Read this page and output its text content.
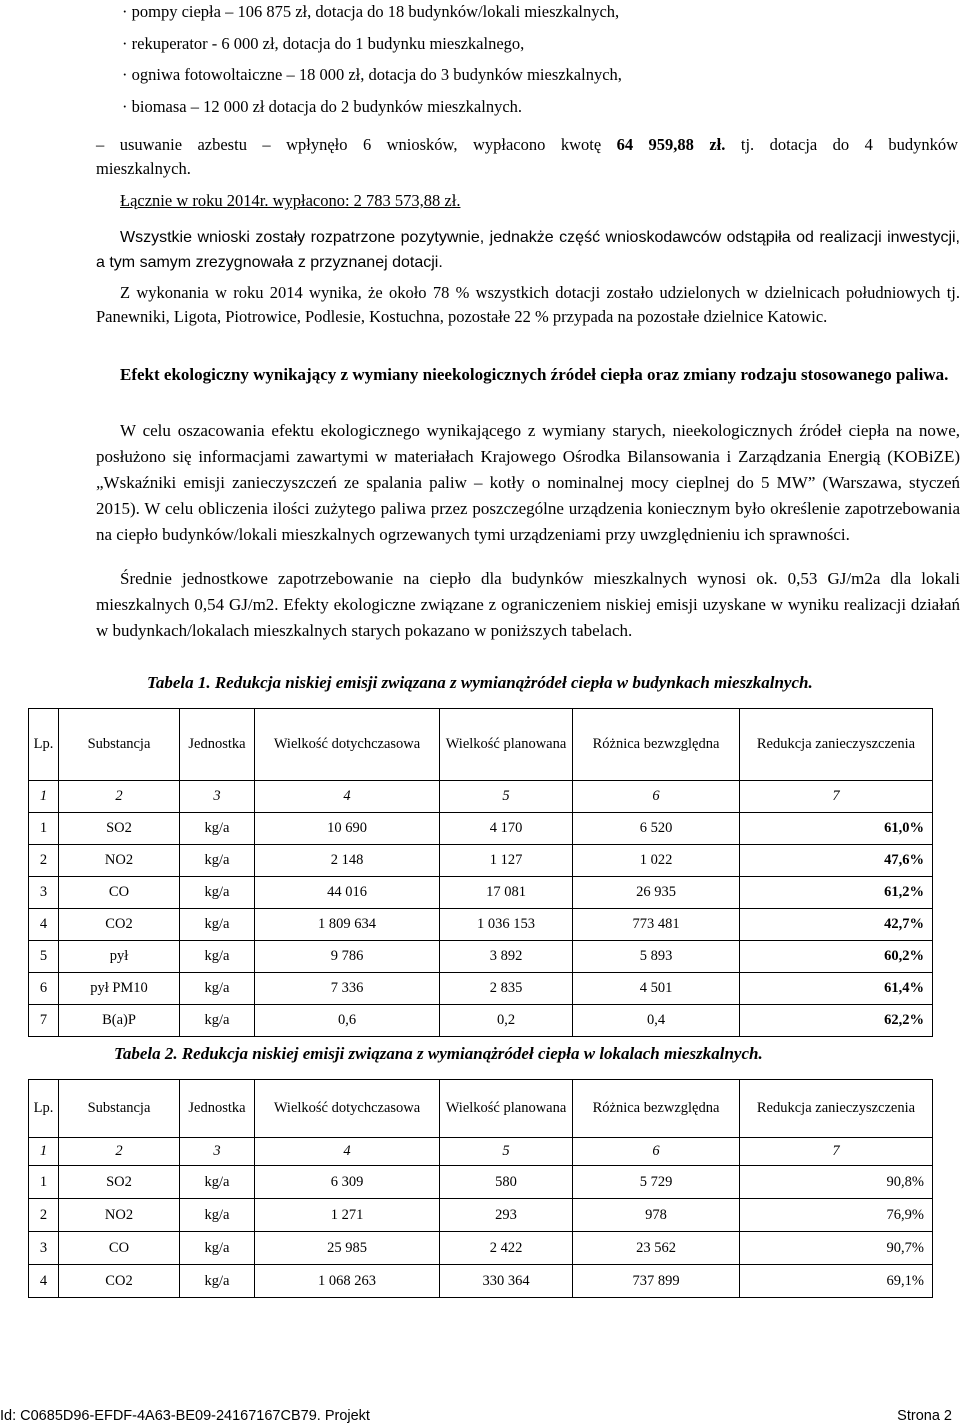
· pompy ciepła – 106 875 zł, dotacja do 18 budynków/lokali mieszkalnych,
· rekuperator - 6 000 zł, dotacja do 1 budynku mieszkalnego,
· ogniwa fotowoltaiczne – 18 000 zł, dotacja do 3 budynków mieszkalnych,
· biomasa – 12 000 zł dotacja do 2 budynków mieszkalnych.

– usuwanie azbestu – wpłynęło 6 wniosków, wypłacono kwotę 64 959,88 zł. tj. dotacja do 4 budynków

mieszkalnych.

Łącznie w roku 2014r. wypłacono: 2 783 573,88 zł.

Wszystkie wnioski zostały rozpatrzone pozytywnie, jednakże część wnioskodawców odstąpiła od realizacji inwestycji, a tym samym zrezygnowała z przyznanej dotacji.

Z wykonania w roku 2014 wynika, że około 78 % wszystkich dotacji zostało udzielonych w dzielnicach południowych tj. Panewniki, Ligota, Piotrowice, Podlesie, Kostuchna, pozostałe 22 % przypada na pozostałe dzielnice Katowic.

Efekt ekologiczny wynikający z wymiany nieekologicznych źródeł ciepła oraz zmiany rodzaju stosowanego paliwa.

W celu oszacowania efektu ekologicznego wynikającego z wymiany starych, nieekologicznych źródeł ciepła na nowe, posłużono się informacjami zawartymi w materiałach Krajowego Ośrodka Bilansowania i Zarządzania Energią (KOBiZE) „Wskaźniki emisji zanieczyszczeń ze spalania paliw – kotły o nominalnej mocy cieplnej do 5 MW” (Warszawa, styczeń 2015). W celu obliczenia ilości zużytego paliwa przez poszczególne urządzenia koniecznym było określenie zapotrzebowania na ciepło budynków/lokali mieszkalnych ogrzewanych tymi urządzeniami przy uwzględnieniu ich sprawności.

Średnie jednostkowe zapotrzebowanie na ciepło dla budynków mieszkalnych wynosi ok. 0,53 GJ/m2a dla lokali mieszkalnych 0,54 GJ/m2. Efekty ekologiczne związane z ograniczeniem niskiej emisji uzyskane w wyniku realizacji działań w budynkach/lokalach mieszkalnych starych pokazano w poniższych tabelach.

Tabela 1. Redukcja niskiej emisji związana z wymianążródeł ciepła w budynkach mieszkalnych.
Lp.	Substancja	Jednostka	Wielkość dotychczasowa	Wielkość planowana	Różnica bezwzględna	Redukcja zanieczyszczenia
1	2	3	4	5	6	7
1	SO2	kg/a	10 690	4 170	6 520	61,0%
2	NO2	kg/a	2 148	1 127	1 022	47,6%
3	CO	kg/a	44 016	17 081	26 935	61,2%
4	CO2	kg/a	1 809 634	1 036 153	773 481	42,7%
5	pył	kg/a	9 786	3 892	5 893	60,2%
6	pył PM10	kg/a	7 336	2 835	4 501	61,4%
7	B(a)P	kg/a	0,6	0,2	0,4	62,2%
Tabela 2. Redukcja niskiej emisji związana z wymianążródeł ciepła w lokalach mieszkalnych.
Lp.	Substancja	Jednostka	Wielkość dotychczasowa	Wielkość planowana	Różnica bezwzględna	Redukcja zanieczyszczenia
1	2	3	4	5	6	7
1	SO2	kg/a	6 309	580	5 729	90,8%
2	NO2	kg/a	1 271	293	978	76,9%
3	CO	kg/a	25 985	2 422	23 562	90,7%
4	CO2	kg/a	1 068 263	330 364	737 899	69,1%
Id: C0685D96-EFDF-4A63-BE09-24167167CB79. Projekt	Strona 2
